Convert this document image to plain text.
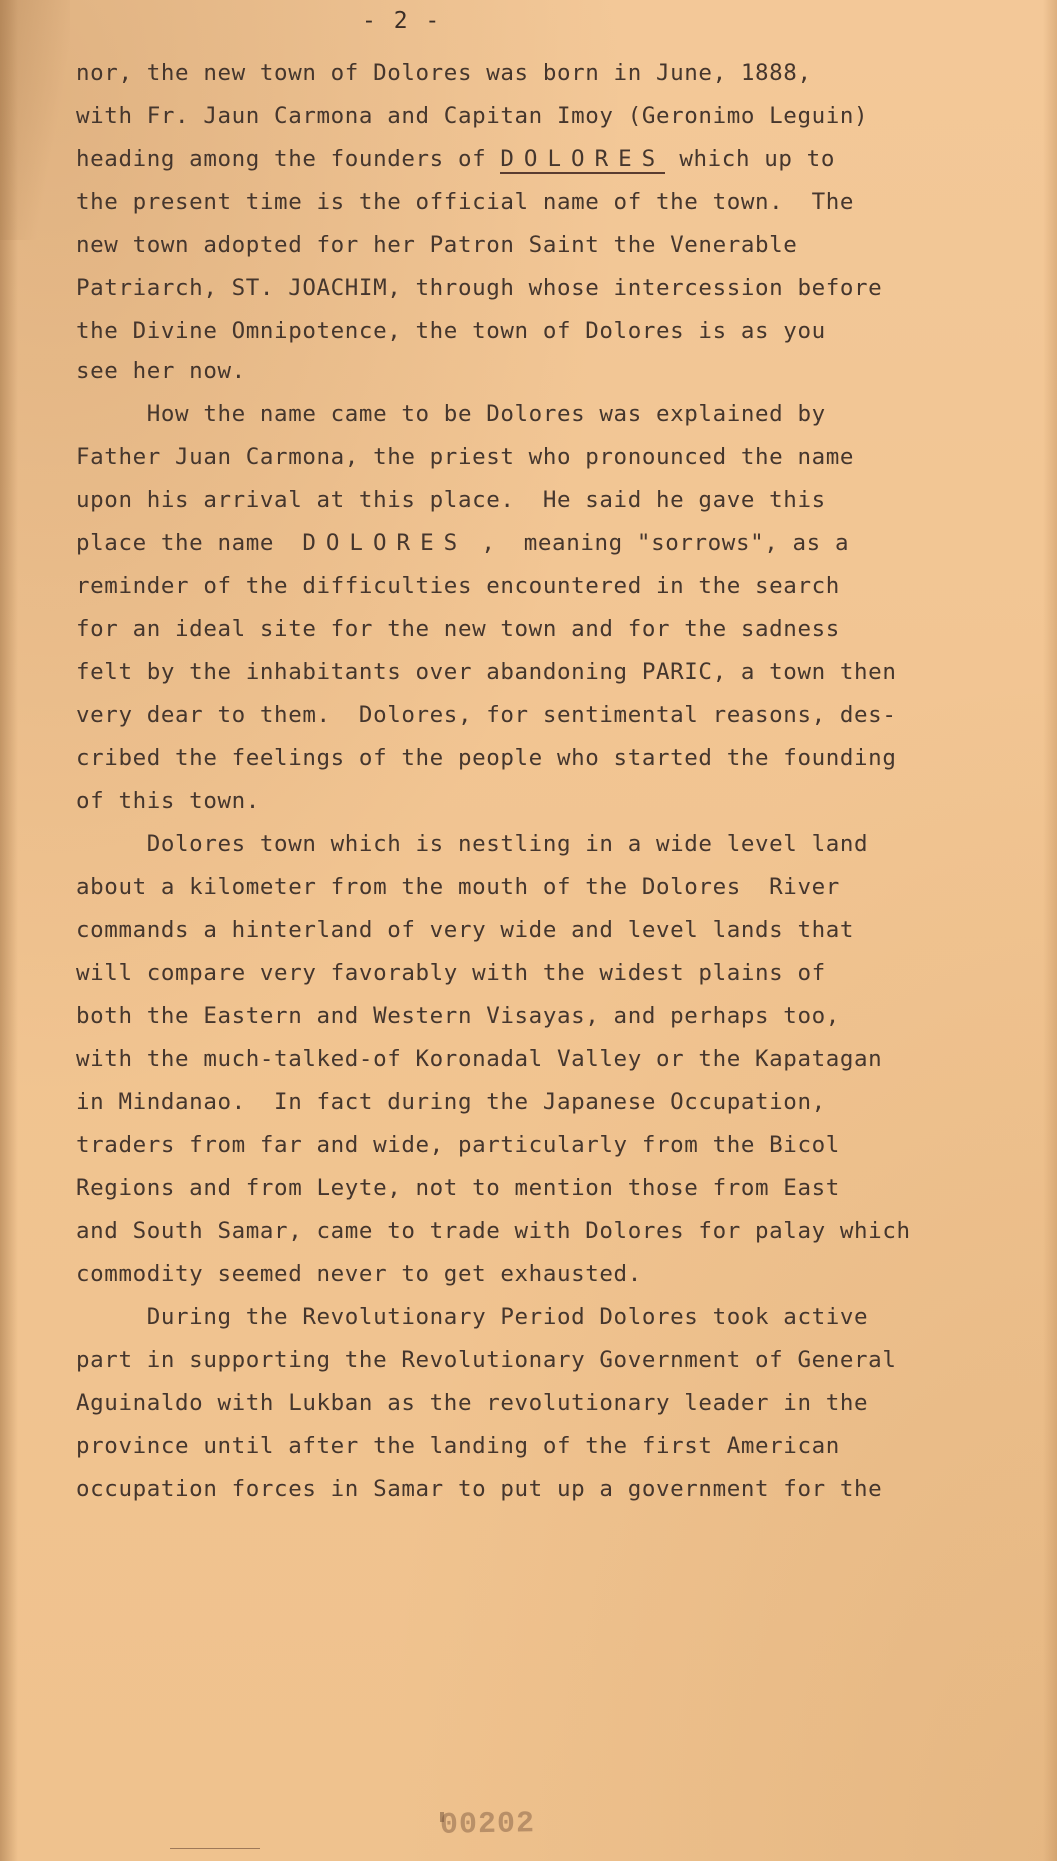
- 2 -
nor, the new town of Dolores was born in June, 1888,
with Fr. Jaun Carmona and Capitan Imoy (Geronimo Leguin)
heading among the founders of DOLORES which up to
the present time is the official name of the town.  The
new town adopted for her Patron Saint the Venerable
Patriarch, ST. JOACHIM, through whose intercession before
the Divine Omnipotence, the town of Dolores is as you
see her now.
How the name came to be Dolores was explained by
Father Juan Carmona, the priest who pronounced the name
upon his arrival at this place.  He said he gave this
place the name  DOLORES ,  meaning "sorrows", as a
reminder of the difficulties encountered in the search
for an ideal site for the new town and for the sadness
felt by the inhabitants over abandoning PARIC, a town then
very dear to them.  Dolores, for sentimental reasons, des-
cribed the feelings of the people who started the founding
of this town.
Dolores town which is nestling in a wide level land
about a kilometer from the mouth of the Dolores  River
commands a hinterland of very wide and level lands that
will compare very favorably with the widest plains of
both the Eastern and Western Visayas, and perhaps too,
with the much-talked-of Koronadal Valley or the Kapatagan
in Mindanao.  In fact during the Japanese Occupation,
traders from far and wide, particularly from the Bicol
Regions and from Leyte, not to mention those from East
and South Samar, came to trade with Dolores for palay which
commodity seemed never to get exhausted.
During the Revolutionary Period Dolores took active
part in supporting the Revolutionary Government of General
Aguinaldo with Lukban as the revolutionary leader in the
province until after the landing of the first American
occupation forces in Samar to put up a government for the
00202
